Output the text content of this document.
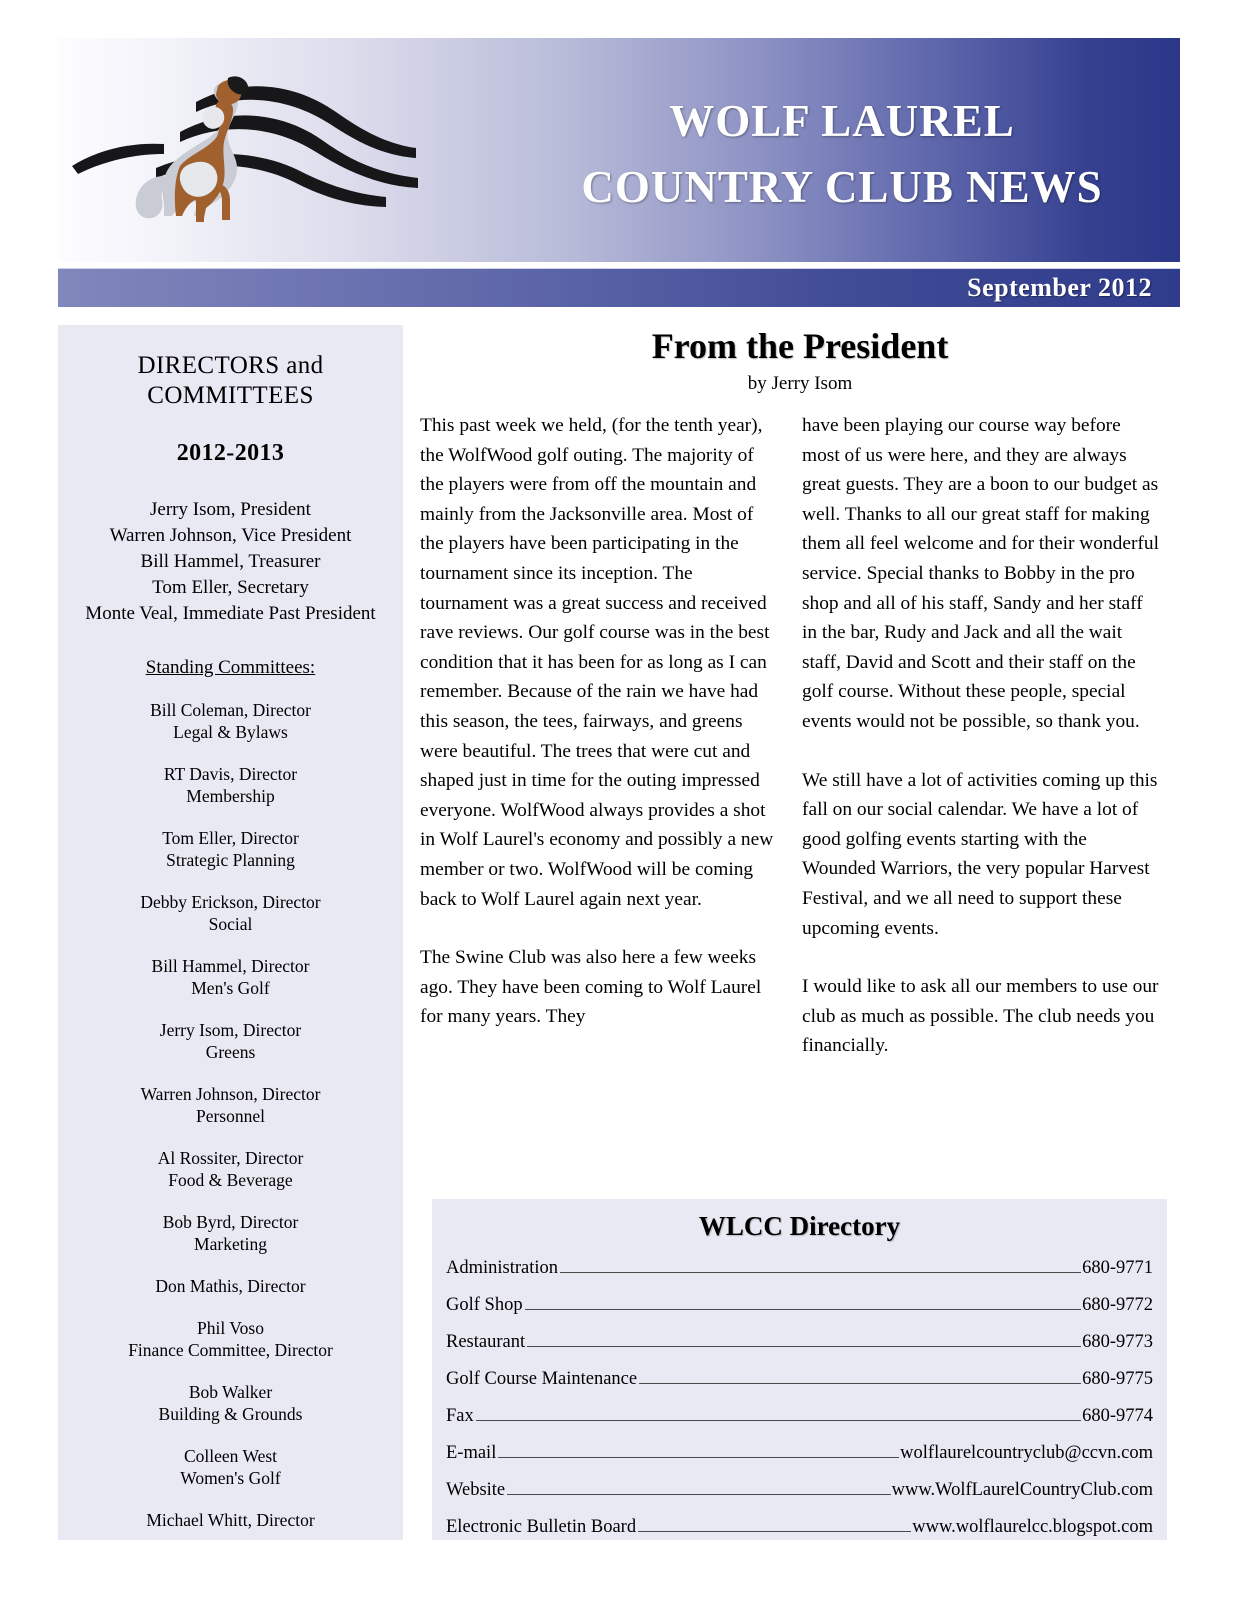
WOLF LAUREL
COUNTRY CLUB NEWS
September 2012
DIRECTORS and COMMITTEES
2012-2013
Jerry Isom, President
Warren Johnson, Vice President
Bill Hammel, Treasurer
Tom Eller, Secretary
Monte Veal, Immediate Past President
Standing Committees:
Bill Coleman, Director
Legal & Bylaws
RT Davis, Director
Membership
Tom Eller, Director
Strategic Planning
Debby Erickson, Director
Social
Bill Hammel, Director
Men's Golf
Jerry Isom, Director
Greens
Warren Johnson, Director
Personnel
Al Rossiter, Director
Food & Beverage
Bob Byrd, Director
Marketing
Don Mathis, Director
Phil Voso
Finance Committee, Director
Bob Walker
Building & Grounds
Colleen West
Women's Golf
Michael Whitt, Director
From the President
by Jerry Isom

This past week we held, (for the tenth year), the WolfWood golf outing. The majority of the players were from off the mountain and mainly from the Jacksonville area. Most of the players have been participating in the tournament since its inception. The tournament was a great success and received rave reviews. Our golf course was in the best condition that it has been for as long as I can remember. Because of the rain we have had this season, the tees, fairways, and greens were beautiful. The trees that were cut and shaped just in time for the outing impressed everyone. WolfWood always provides a shot in Wolf Laurel's economy and possibly a new member or two. WolfWood will be coming back to Wolf Laurel again next year.

The Swine Club was also here a few weeks ago. They have been coming to Wolf Laurel for many years. They

have been playing our course way before most of us were here, and they are always great guests. They are a boon to our budget as well. Thanks to all our great staff for making them all feel welcome and for their wonderful service. Special thanks to Bobby in the pro shop and all of his staff, Sandy and her staff in the bar, Rudy and Jack and all the wait staff, David and Scott and their staff on the golf course. Without these people, special events would not be possible, so thank you.

We still have a lot of activities coming up this fall on our social calendar. We have a lot of good golfing events starting with the Wounded Warriors, the very popular Harvest Festival, and we all need to support these upcoming events.

I would like to ask all our members to use our club as much as possible. The club needs you financially.

WLCC Directory
Administration	680-9771
Golf Shop	680-9772
Restaurant	680-9773
Golf Course Maintenance	680-9775
Fax	680-9774
E-mail	wolflaurelcountryclub@ccvn.com
Website	www.WolfLaurelCountryClub.com
Electronic Bulletin Board	www.wolflaurelcc.blogspot.com
